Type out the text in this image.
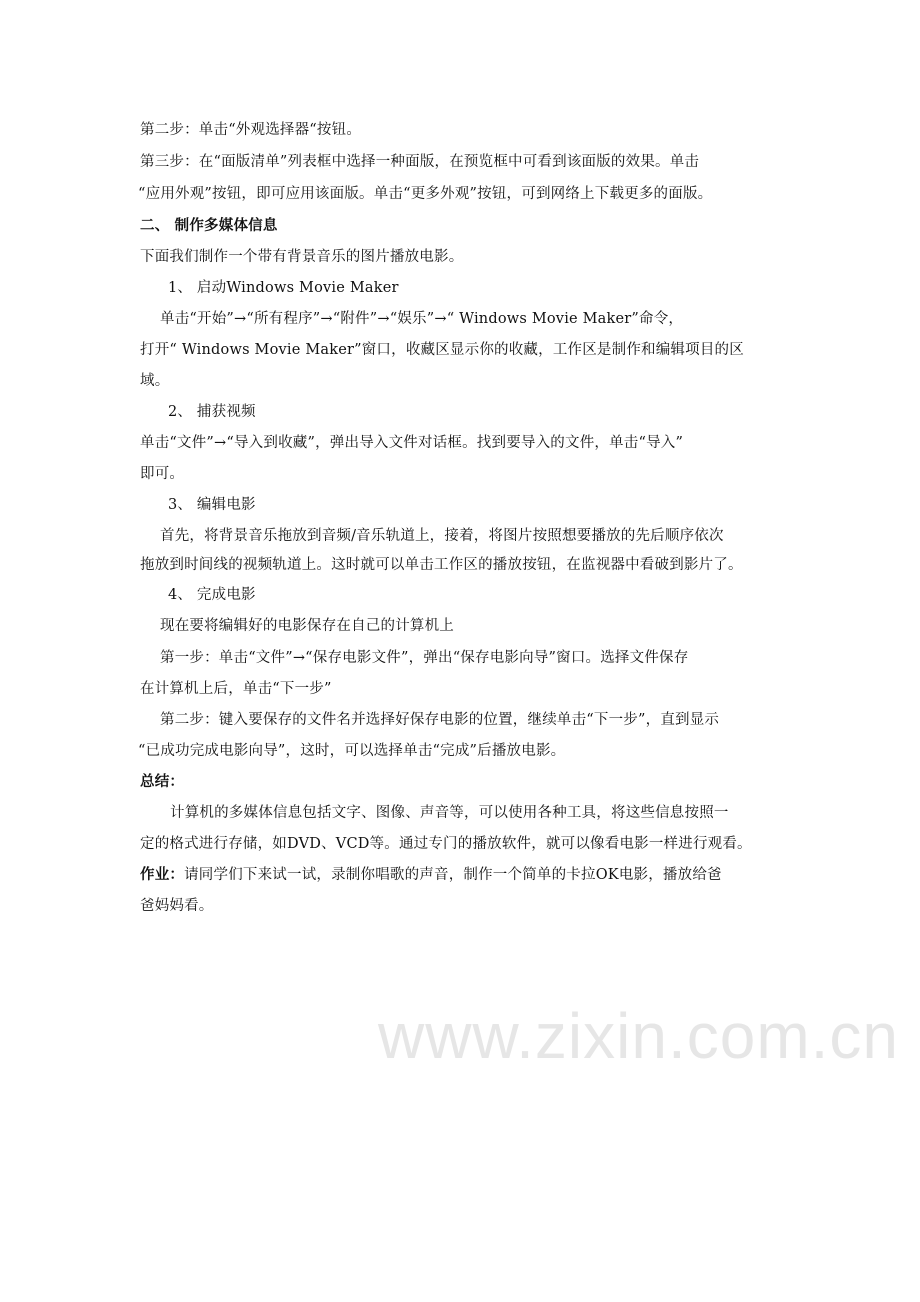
www.zixin.com.cn
第二步：单击“外观选择器“按钮。
第三步：在“面版清单”列表框中选择一种面版，在预览框中可看到该面版的效果。单击
“应用外观”按钮，即可应用该面版。单击“更多外观”按钮，可到网络上下载更多的面版。
二、 制作多媒体信息
下面我们制作一个带有背景音乐的图片播放电影。
1、 启动Windows Movie Maker
单击“开始”→“所有程序”→“附件”→“娱乐”→“ Windows Movie Maker”命令，
打开“ Windows Movie Maker”窗口，收藏区显示你的收藏，工作区是制作和编辑项目的区
域。
2、 捕获视频
单击“文件”→“导入到收藏”，弹出导入文件对话框。找到要导入的文件，单击“导入”
即可。
3、 编辑电影
首先，将背景音乐拖放到音频/音乐轨道上，接着，将图片按照想要播放的先后顺序依次
拖放到时间线的视频轨道上。这时就可以单击工作区的播放按钮，在监视器中看破到影片了。
4、 完成电影
现在要将编辑好的电影保存在自己的计算机上
第一步：单击“文件”→“保存电影文件”，弹出“保存电影向导”窗口。选择文件保存
在计算机上后，单击“下一步”
第二步：键入要保存的文件名并选择好保存电影的位置，继续单击“下一步”，直到显示
“已成功完成电影向导”，这时，可以选择单击“完成”后播放电影。
总结：
计算机的多媒体信息包括文字、图像、声音等，可以使用各种工具，将这些信息按照一
定的格式进行存储，如DVD、VCD等。通过专门的播放软件，就可以像看电影一样进行观看。
作业：请同学们下来试一试，录制你唱歌的声音，制作一个简单的卡拉OK电影，播放给爸
爸妈妈看。
